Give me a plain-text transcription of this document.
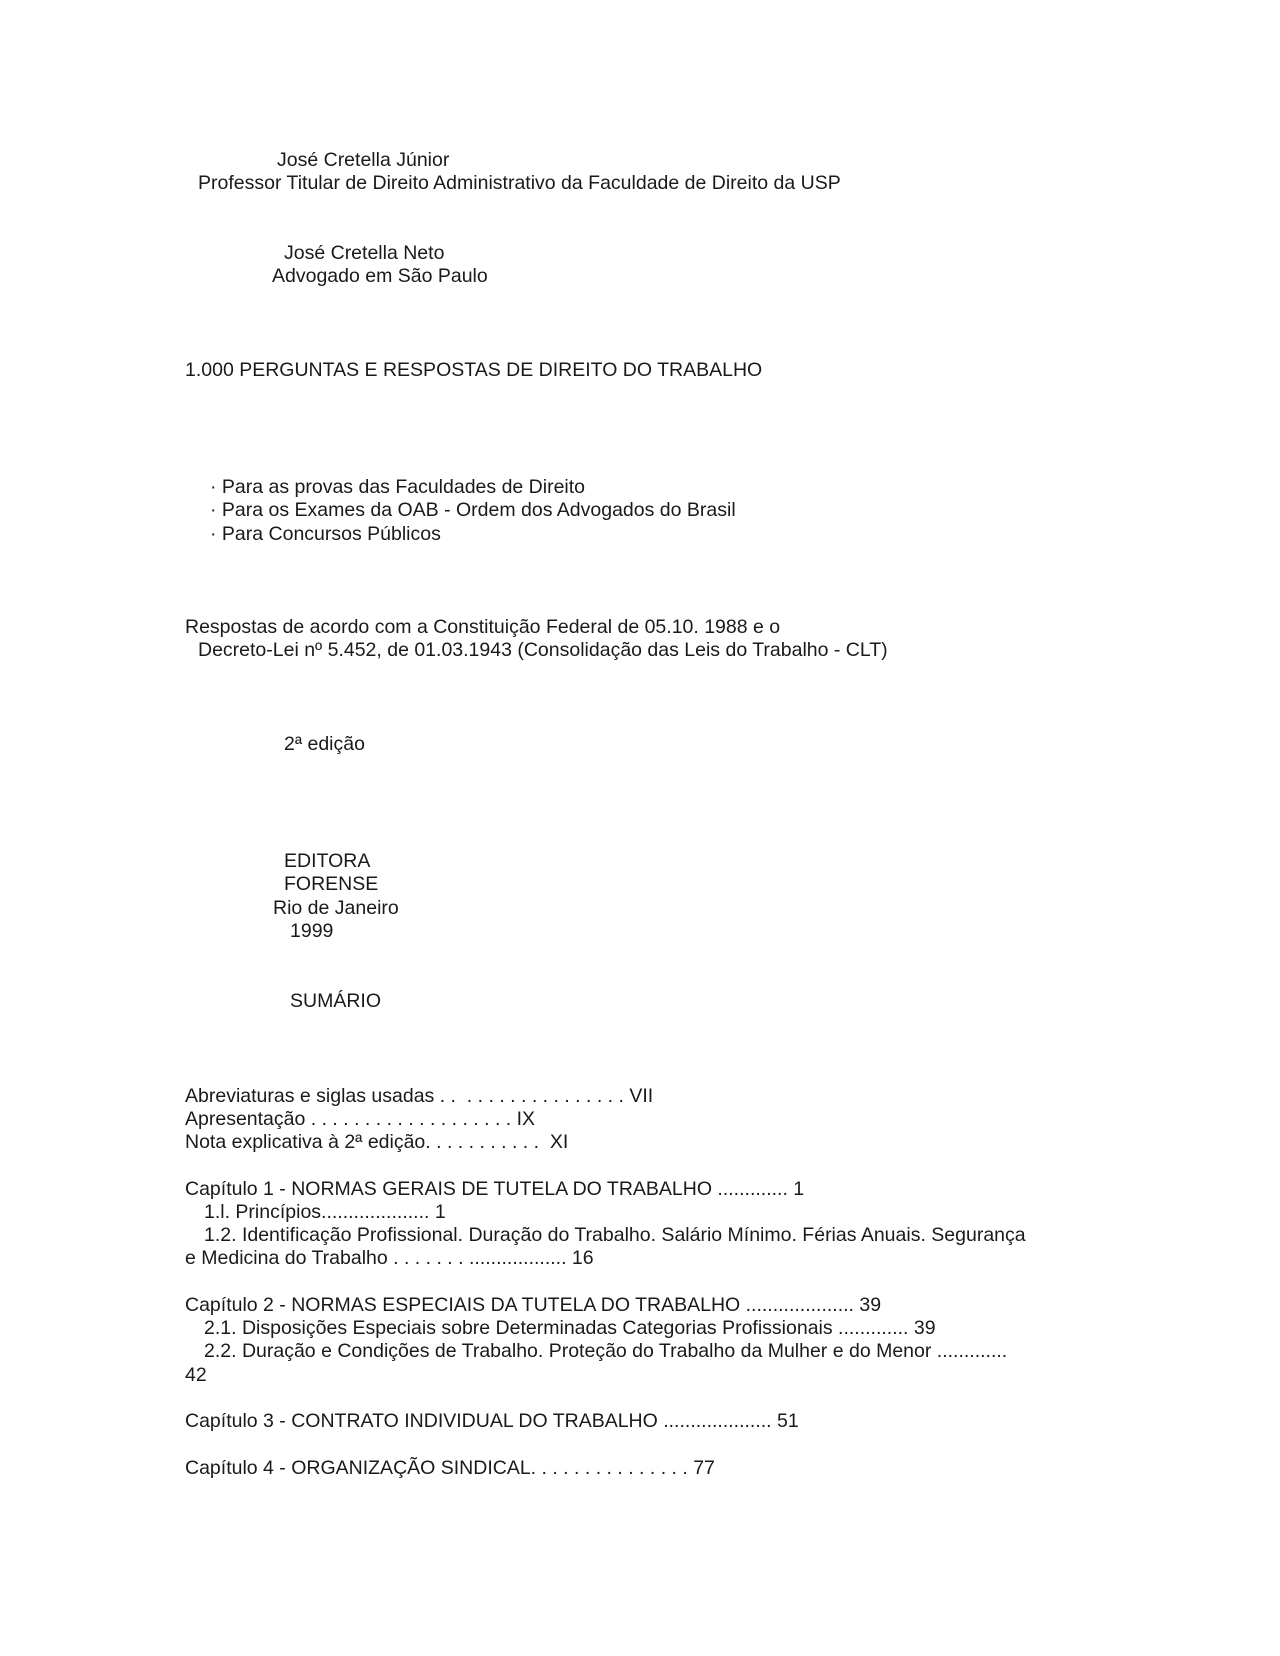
José Cretella Júnior
Professor Titular de Direito Administrativo da Faculdade de Direito da USP
José Cretella Neto
Advogado em São Paulo
1.000 PERGUNTAS E RESPOSTAS DE DIREITO DO TRABALHO
· Para as provas das Faculdades de Direito
· Para os Exames da OAB - Ordem dos Advogados do Brasil
· Para Concursos Públicos
Respostas de acordo com a Constituição Federal de 05.10. 1988 e o
Decreto-Lei nº 5.452, de 01.03.1943 (Consolidação das Leis do Trabalho - CLT)
2ª edição
EDITORA
FORENSE
Rio de Janeiro
1999
SUMÁRIO
Abreviaturas e siglas usadas . .  . . . . . . . . . . . . . . . VII
Apresentação . . . . . . . . . . . . . . . . . . . IX
Nota explicativa à 2ª edição. . . . . . . . . . .  XI
Capítulo 1 - NORMAS GERAIS DE TUTELA DO TRABALHO ............. 1
1.l. Princípios.................... 1
1.2. Identificação Profissional. Duração do Trabalho. Salário Mínimo. Férias Anuais. Segurança
e Medicina do Trabalho . . . . . . . .................. 16
Capítulo 2 - NORMAS ESPECIAIS DA TUTELA DO TRABALHO .................... 39
2.1. Disposições Especiais sobre Determinadas Categorias Profissionais ............. 39
2.2. Duração e Condições de Trabalho. Proteção do Trabalho da Mulher e do Menor .............
42
Capítulo 3 - CONTRATO INDIVIDUAL DO TRABALHO .................... 51
Capítulo 4 - ORGANIZAÇÃO SINDICAL. . . . . . . . . . . . . . . 77
